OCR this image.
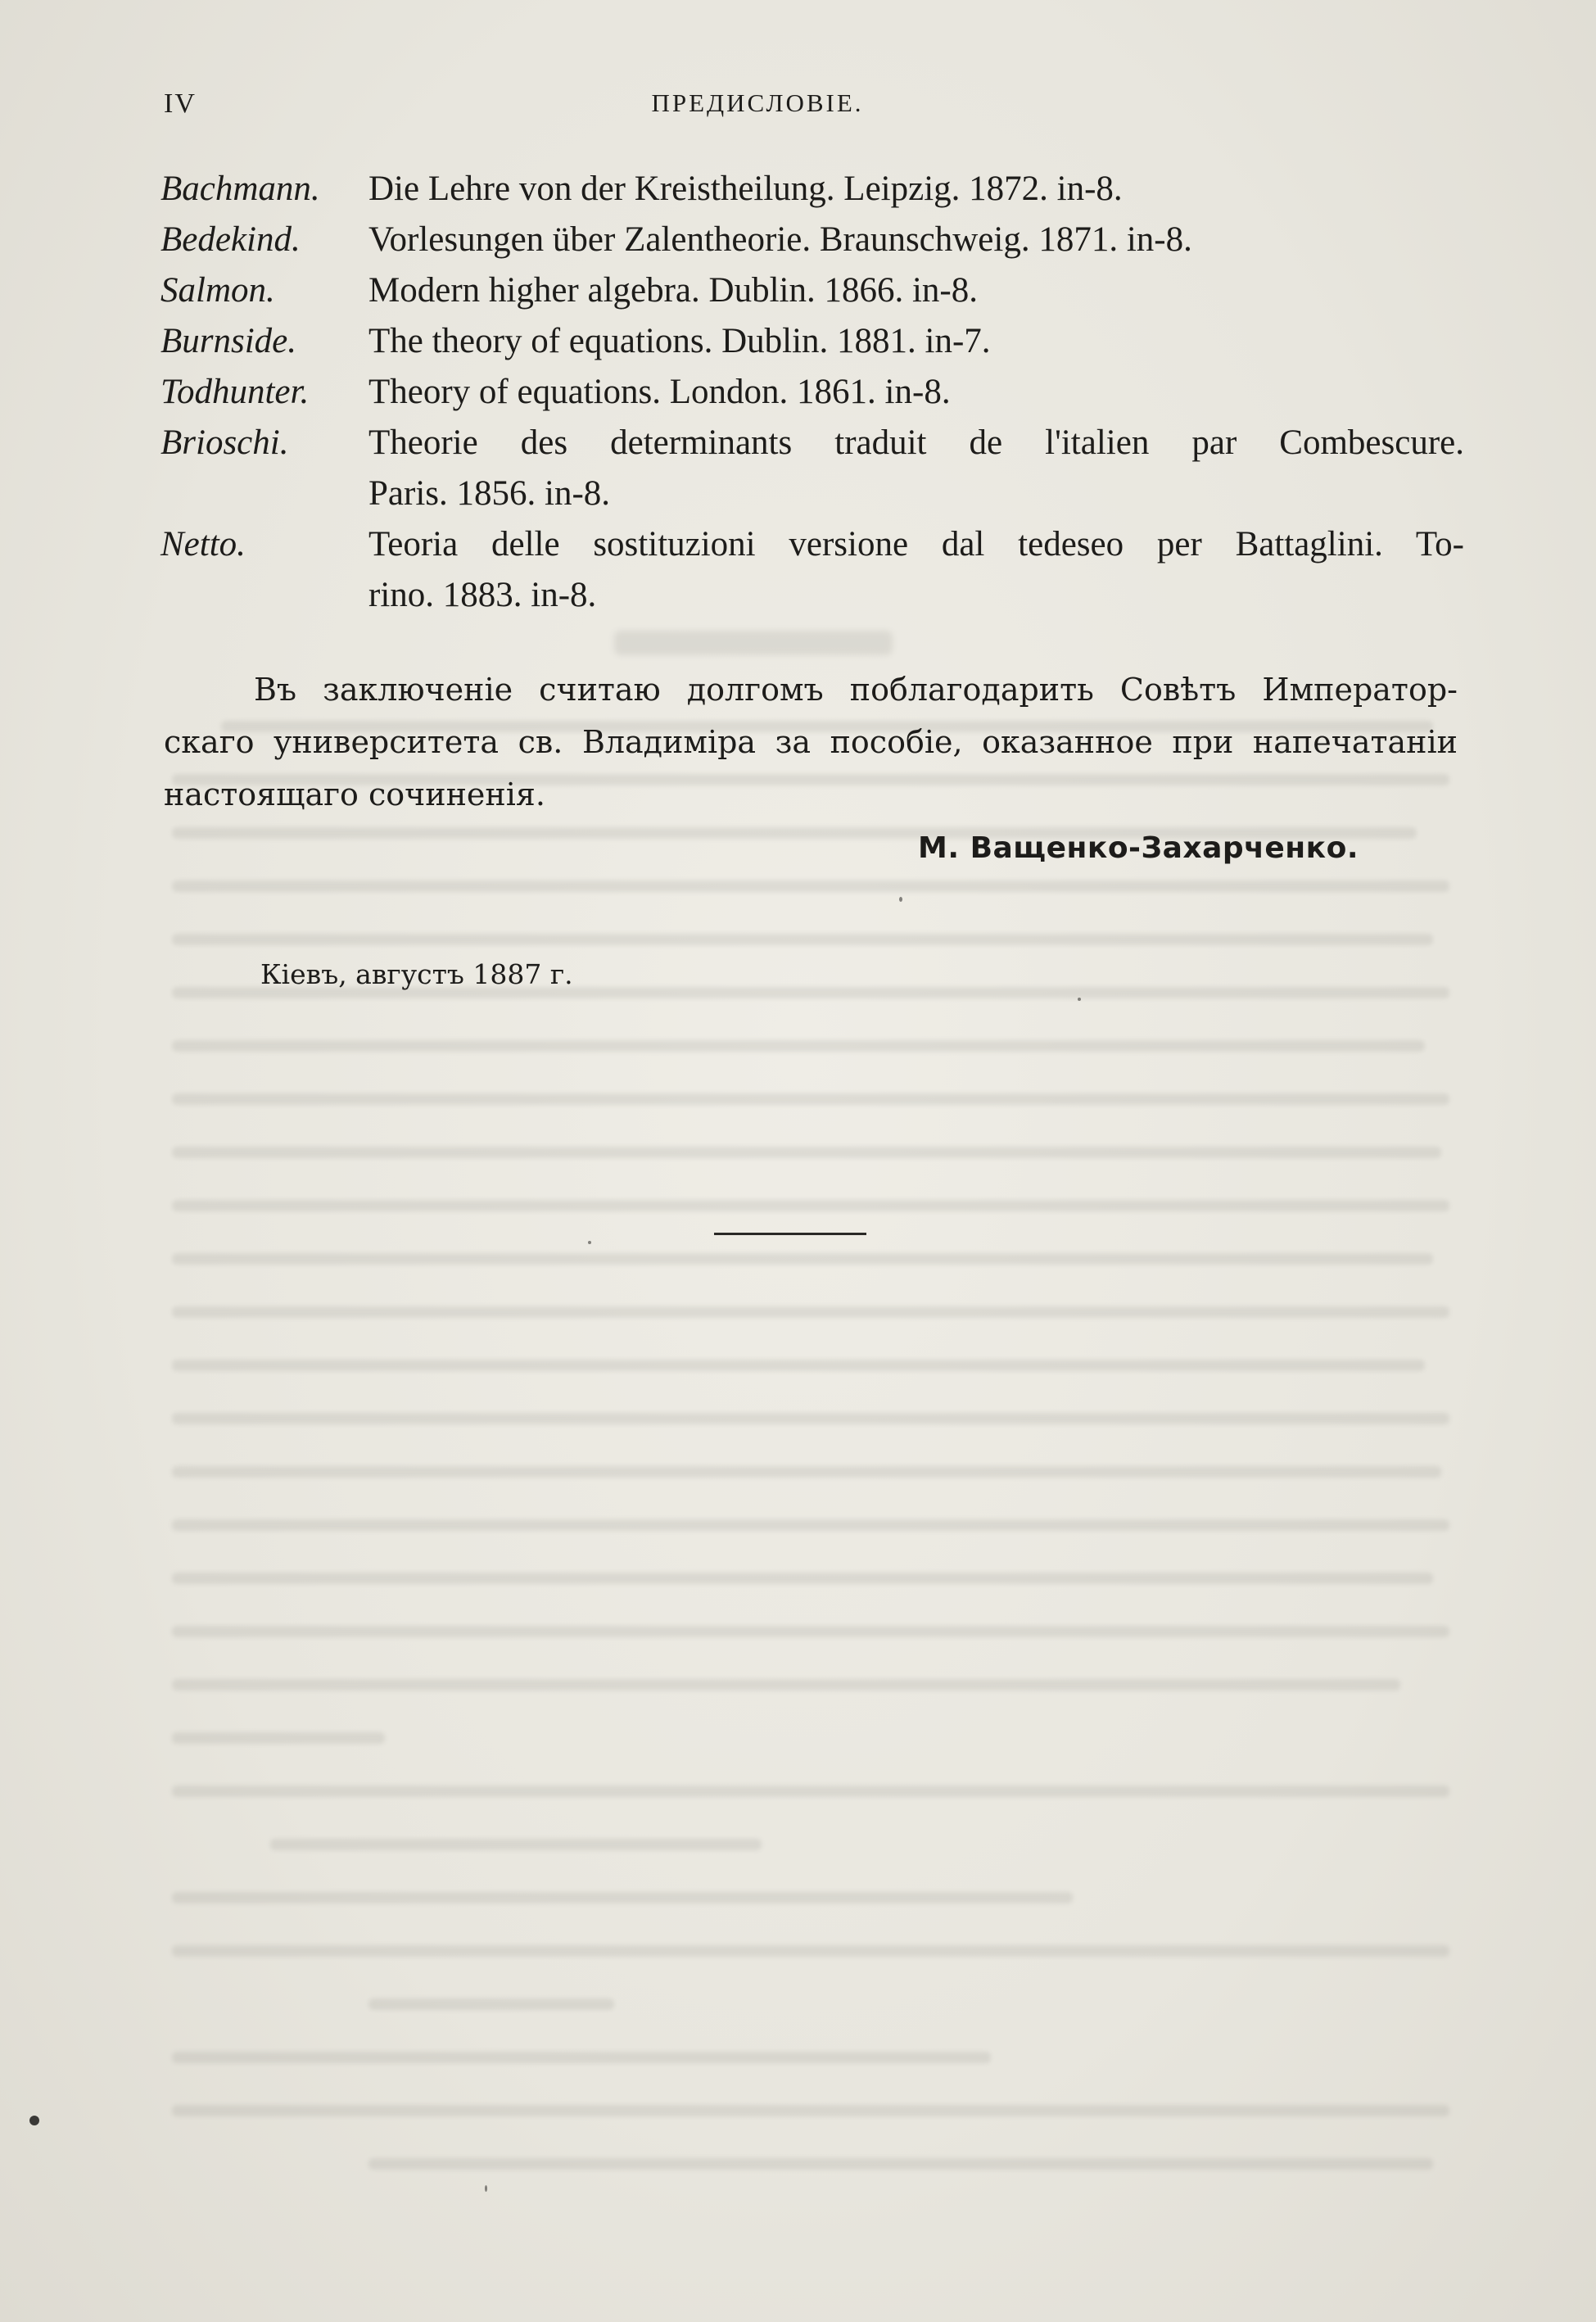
IV	ПРЕДИСЛОВІЕ.
Bachmann.	Die Lehre von der Kreistheilung. Leipzig. 1872. in-8.
Bedekind.	Vorlesungen über Zalentheorie. Braunschweig. 1871. in-8.
Salmon.	Modern higher algebra. Dublin. 1866. in-8.
Burnside.	The theory of equations. Dublin. 1881. in-7.
Todhunter.	Theory of equations. London. 1861. in-8.
Brioschi.	Theorie des determinants traduit de l'italien par Combescure.
Paris. 1856. in-8.
Netto.	Teoria delle sostituzioni versione dal tedeseo per Battaglini. To-
rino. 1883. in-8.
Въ заключеніе считаю долгомъ поблагодарить Совѣтъ Император-
скаго университета св. Владиміра за пособіе, оказанное при напечатаніи
настоящаго сочиненія.
М. Ващенко-Захарченко.
Кіевъ, августъ 1887 г.
